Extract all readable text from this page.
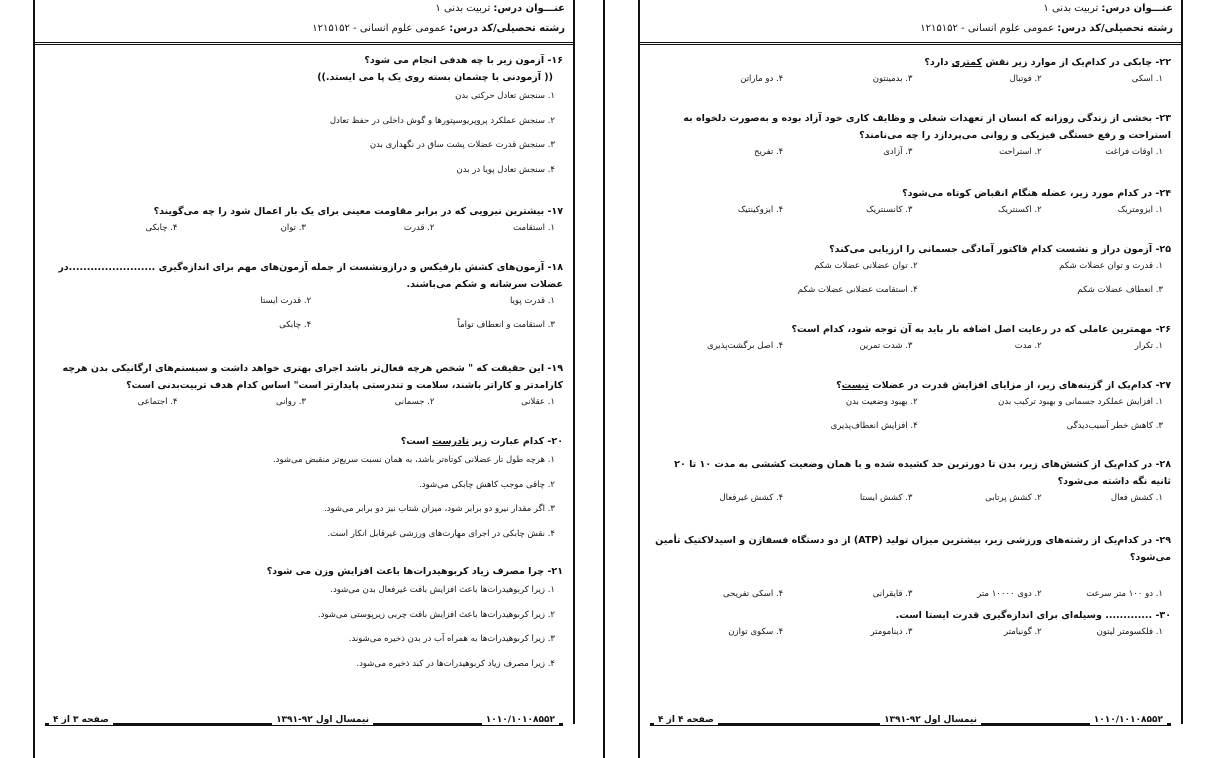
عنـــوان درس: تربیت بدنی ۱
رشته تحصیلی/کد درس: عمومی علوم انسانی - ۱۲۱۵۱۵۲
۱۶- آزمون زیر با چه هدفی انجام می شود؟
(( آزمودنی با چشمان بسته روی یک پا می ایستد.))
۱. سنجش تعادل حرکتی بدن
۲. سنجش عملکرد پروپریوسپتورها و گوش داخلی در حفظ تعادل
۳. سنجش قدرت عضلات پشت ساق در نگهداری بدن
۴. سنجش تعادل پویا در بدن
۱۷- بیشترین نیرویی که در برابر مقاومت معینی برای یک بار اعمال شود را چه می‌گویند؟
۱. استقامت
۲. قدرت
۳. توان
۴. چابکی
۱۸- آزمون‌های کشش بارفیکس و درازونشست از جمله آزمون‌های مهم برای اندازه‌گیری ........................در عضلات سرشانه و شکم می‌باشند.
۱. قدرت پویا
۲. قدرت ایستا
۳. استقامت و انعطاف تواماً
۴. چابکی
۱۹- این حقیقت که " شخص هرچه فعال‌تر باشد اجرای بهتری خواهد داشت و سیستم‌های ارگانیکی بدن هرچه کارامدتر و کاراتر باشند، سلامت و تندرستی پایدارتر است" اساس کدام هدف تربیت‌بدنی است؟
۱. عقلانی
۲. جسمانی
۳. روانی
۴. اجتماعی
۲۰- کدام عبارت زیر نادرست است؟
۱. هرچه طول تار عضلانی کوتاه‌تر باشد، به همان نسبت سریع‌تر منقبض می‌شود.
۲. چاقی موجب کاهش چابکی می‌شود.
۳. اگر مقدار نیرو دو برابر شود، میزان شتاب نیز دو برابر می‌شود.
۴. نقش چابکی در اجرای مهارت‌های ورزشی غیرقابل انکار است.
۲۱- چرا مصرف زیاد کربوهیدرات‌ها باعث افزایش وزن می شود؟
۱. زیرا کربوهیدرات‌ها باعث افزایش بافت غیرفعال بدن می‌شود.
۲. زیرا کربوهیدرات‌ها باعث افزایش بافت چربی زیرپوستی می‌شود.
۳. زیرا کربوهیدرات‌ها به همراه آب در بدن ذخیره می‌شوند.
۴. زیرا مصرف زیاد کربوهیدرات‌ها در کبد ذخیره می‌شود.
۱۰۱۰/۱۰۱۰۸۵۵۲
نیمسال اول ۹۲-۱۳۹۱
صفحه ۳ از ۴
عنـــوان درس: تربیت بدنی ۱
رشته تحصیلی/کد درس: عمومی علوم انسانی - ۱۲۱۵۱۵۲
۲۲- چابکی در کدام‌یک از موارد زیر نقش کمتری دارد؟
۱. اسکی
۲. فوتبال
۳. بدمینتون
۴. دو ماراتن
۲۳- بخشی از زندگی روزانه که انسان از تعهدات شغلی و وظایف کاری خود آزاد بوده و به‌صورت دلخواه به استراحت و رفع خستگی فیزیکی و روانی می‌پردازد را چه می‌نامند؟
۱. اوقات فراغت
۲. استراحت
۳. آزادی
۴. تفریح
۲۴- در کدام مورد زیر، عضله هنگام انقباض کوتاه می‌شود؟
۱. ایزومتریک
۲. اکسنتریک
۳. کانسنتریک
۴. ایزوکینتیک
۲۵- آزمون دراز و نشست کدام فاکتور آمادگی جسمانی را ارزیابی می‌کند؟
۱. قدرت و توان عضلات شکم
۲. توان عضلانی عضلات شکم
۳. انعطاف عضلات شکم
۴. استقامت عضلانی عضلات شکم
۲۶- مهمترین عاملی که در رعایت اصل اضافه بار باید به آن توجه شود، کدام است؟
۱. تکرار
۲. مدت
۳. شدت تمرین
۴. اصل برگشت‌پذیری
۲۷- کدام‌یک از گزینه‌های زیر، از مزایای افزایش قدرت در عضلات نیست؟
۱. افزایش عملکرد جسمانی و بهبود ترکیب بدن
۲. بهبود وضعیت بدن
۳. کاهش خطر آسیب‌دیدگی
۴. افزایش انعطاف‌پذیری
۲۸- در کدام‌یک از کشش‌های زیر، بدن تا دورترین حد کشیده شده و با همان وضعیت کششی به مدت ۱۰ تا ۲۰ ثانیه نگه داشته می‌شود؟
۱. کشش فعال
۲. کشش پرتابی
۳. کشش ایستا
۴. کشش غیرفعال
۲۹- در کدام‌یک از رشته‌های ورزشی زیر، بیشترین میزان تولید (ATP) از دو دستگاه فسفاژن و اسیدلاکتیک تأمین می‌شود؟
۱. دو ۱۰۰ متر سرعت
۲. دوی ۱۰۰۰۰ متر
۳. قایقرانی
۴. اسکی تفریحی
۳۰- ............. وسیله‌ای برای اندازه‌گیری قدرت ایستا است.
۱. فلکسومتر لیتون
۲. گونیامتر
۳. دینامومتر
۴. سکوی توازن
۱۰۱۰/۱۰۱۰۸۵۵۲
نیمسال اول ۹۲-۱۳۹۱
صفحه ۴ از ۴
